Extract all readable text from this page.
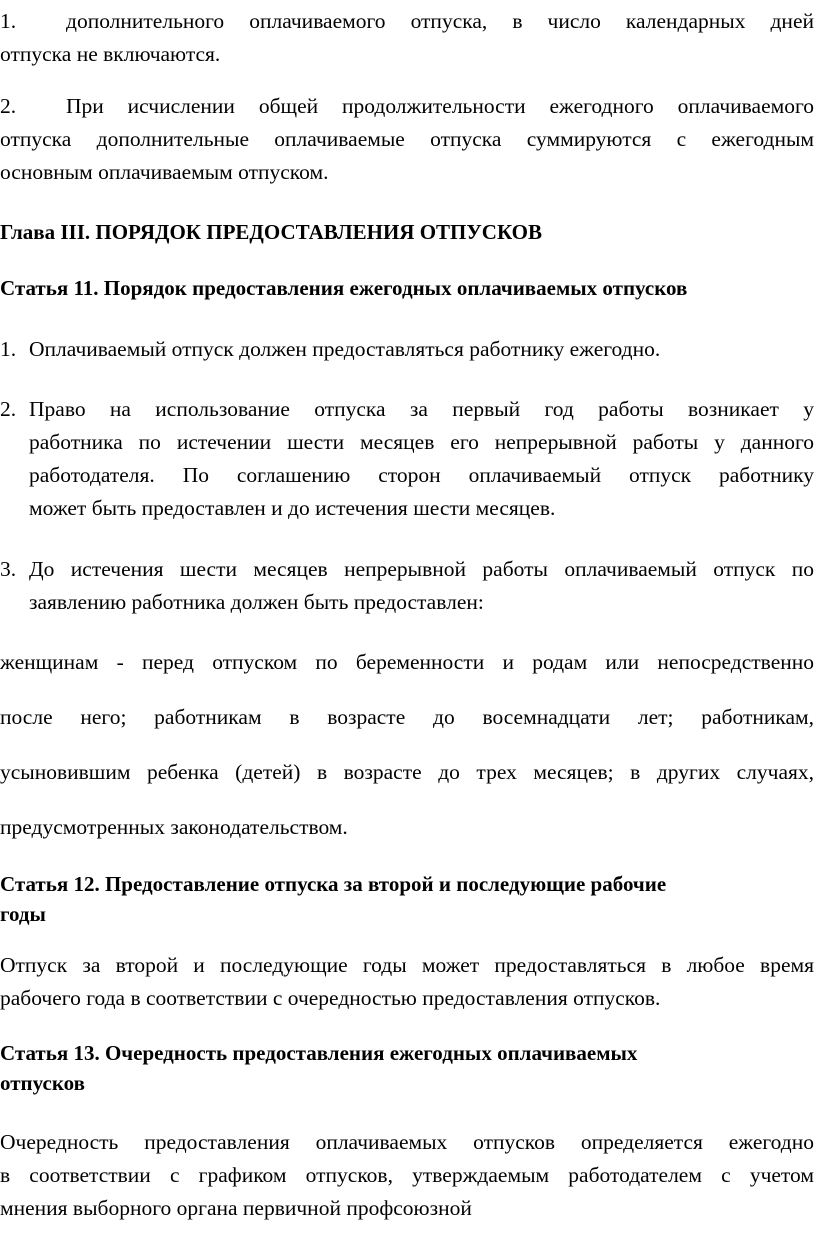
1. дополнительного оплачиваемого отпуска, в число календарных дней
отпуска не включаются.
2. При исчислении общей продолжительности ежегодного оплачиваемого
отпуска дополнительные оплачиваемые отпуска суммируются с ежегодным
основным оплачиваемым отпуском.
Глава III. ПОРЯДОК ПРЕДОСТАВЛЕНИЯ ОТПУСКОВ
Статья 11. Порядок предоставления ежегодных оплачиваемых отпусков
1. Оплачиваемый отпуск должен предоставляться работнику ежегодно.
2. Право на использование отпуска за первый год работы возникает у
работника по истечении шести месяцев его непрерывной работы у данного
работодателя. По соглашению сторон оплачиваемый отпуск работнику
может быть предоставлен и до истечения шести месяцев.
3. До истечения шести месяцев непрерывной работы оплачиваемый отпуск по
заявлению работника должен быть предоставлен:
женщинам - перед отпуском по беременности и родам или непосредственно
после него; работникам в возрасте до восемнадцати лет; работникам,
усыновившим ребенка (детей) в возрасте до трех месяцев; в других случаях,
предусмотренных законодательством.
Статья 12. Предоставление отпуска за второй и последующие рабочие
годы
Отпуск за второй и последующие годы может предоставляться в любое время
рабочего года в соответствии с очередностью предоставления отпусков.
Статья 13. Очередность предоставления ежегодных оплачиваемых
отпусков
Очередность предоставления оплачиваемых отпусков определяется ежегодно
в соответствии с графиком отпусков, утверждаемым работодателем с учетом
мнения выборного органа первичной профсоюзной
